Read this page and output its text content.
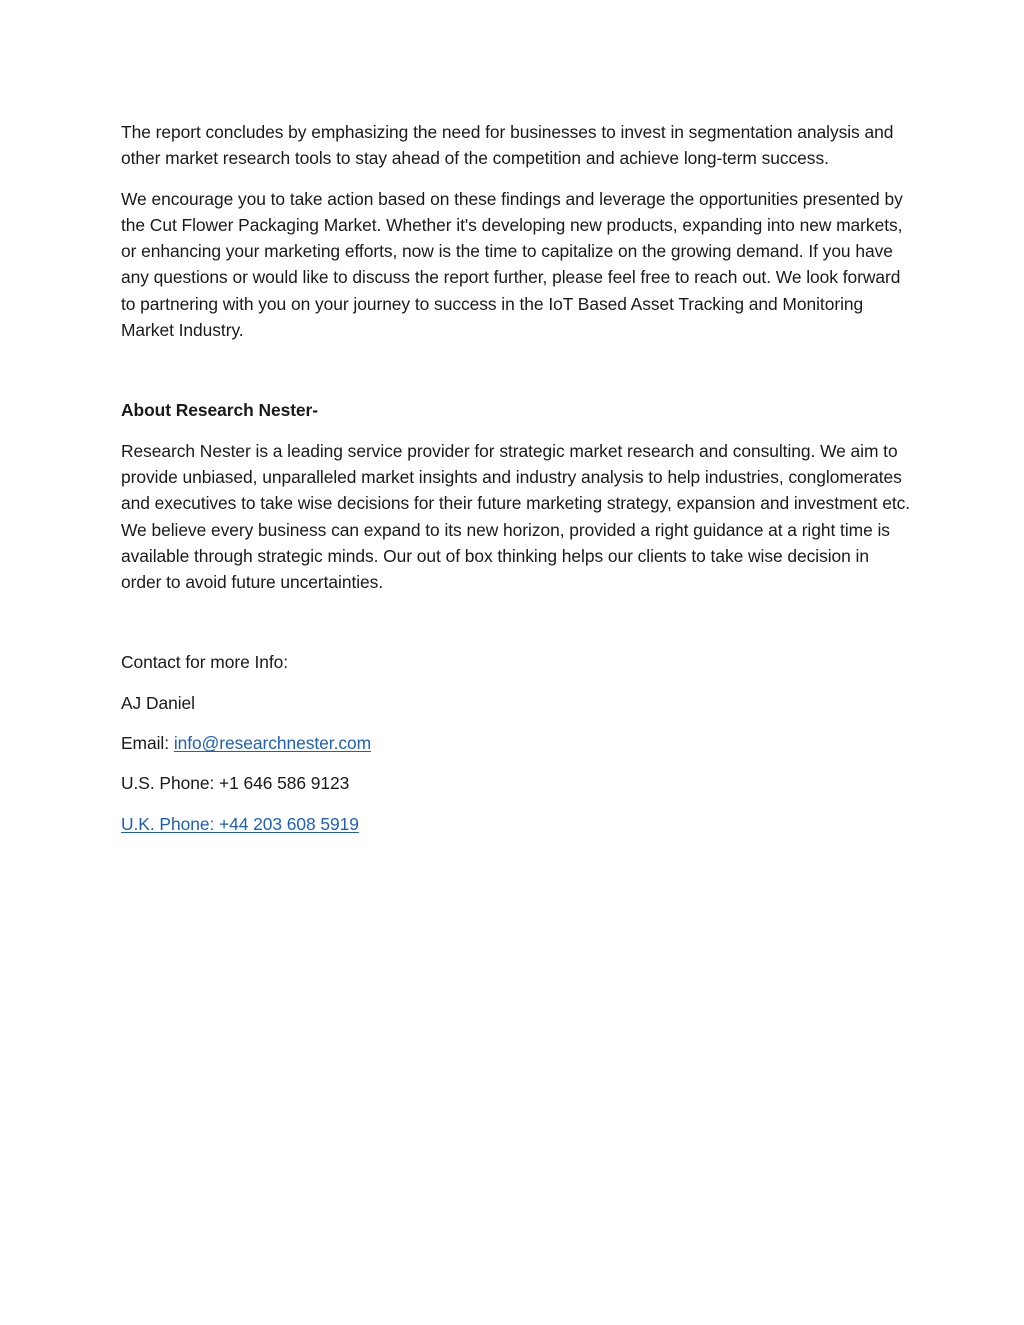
The report concludes by emphasizing the need for businesses to invest in segmentation analysis and other market research tools to stay ahead of the competition and achieve long-term success.

We encourage you to take action based on these findings and leverage the opportunities presented by the Cut Flower Packaging Market. Whether it's developing new products, expanding into new markets, or enhancing your marketing efforts, now is the time to capitalize on the growing demand. If you have any questions or would like to discuss the report further, please feel free to reach out. We look forward to partnering with you on your journey to success in the IoT Based Asset Tracking and Monitoring Market Industry.

About Research Nester-

Research Nester is a leading service provider for strategic market research and consulting. We aim to provide unbiased, unparalleled market insights and industry analysis to help industries, conglomerates and executives to take wise decisions for their future marketing strategy, expansion and investment etc. We believe every business can expand to its new horizon, provided a right guidance at a right time is available through strategic minds. Our out of box thinking helps our clients to take wise decision in order to avoid future uncertainties.

Contact for more Info:

AJ Daniel

Email: info@researchnester.com

U.S. Phone: +1 646 586 9123

U.K. Phone: +44 203 608 5919
